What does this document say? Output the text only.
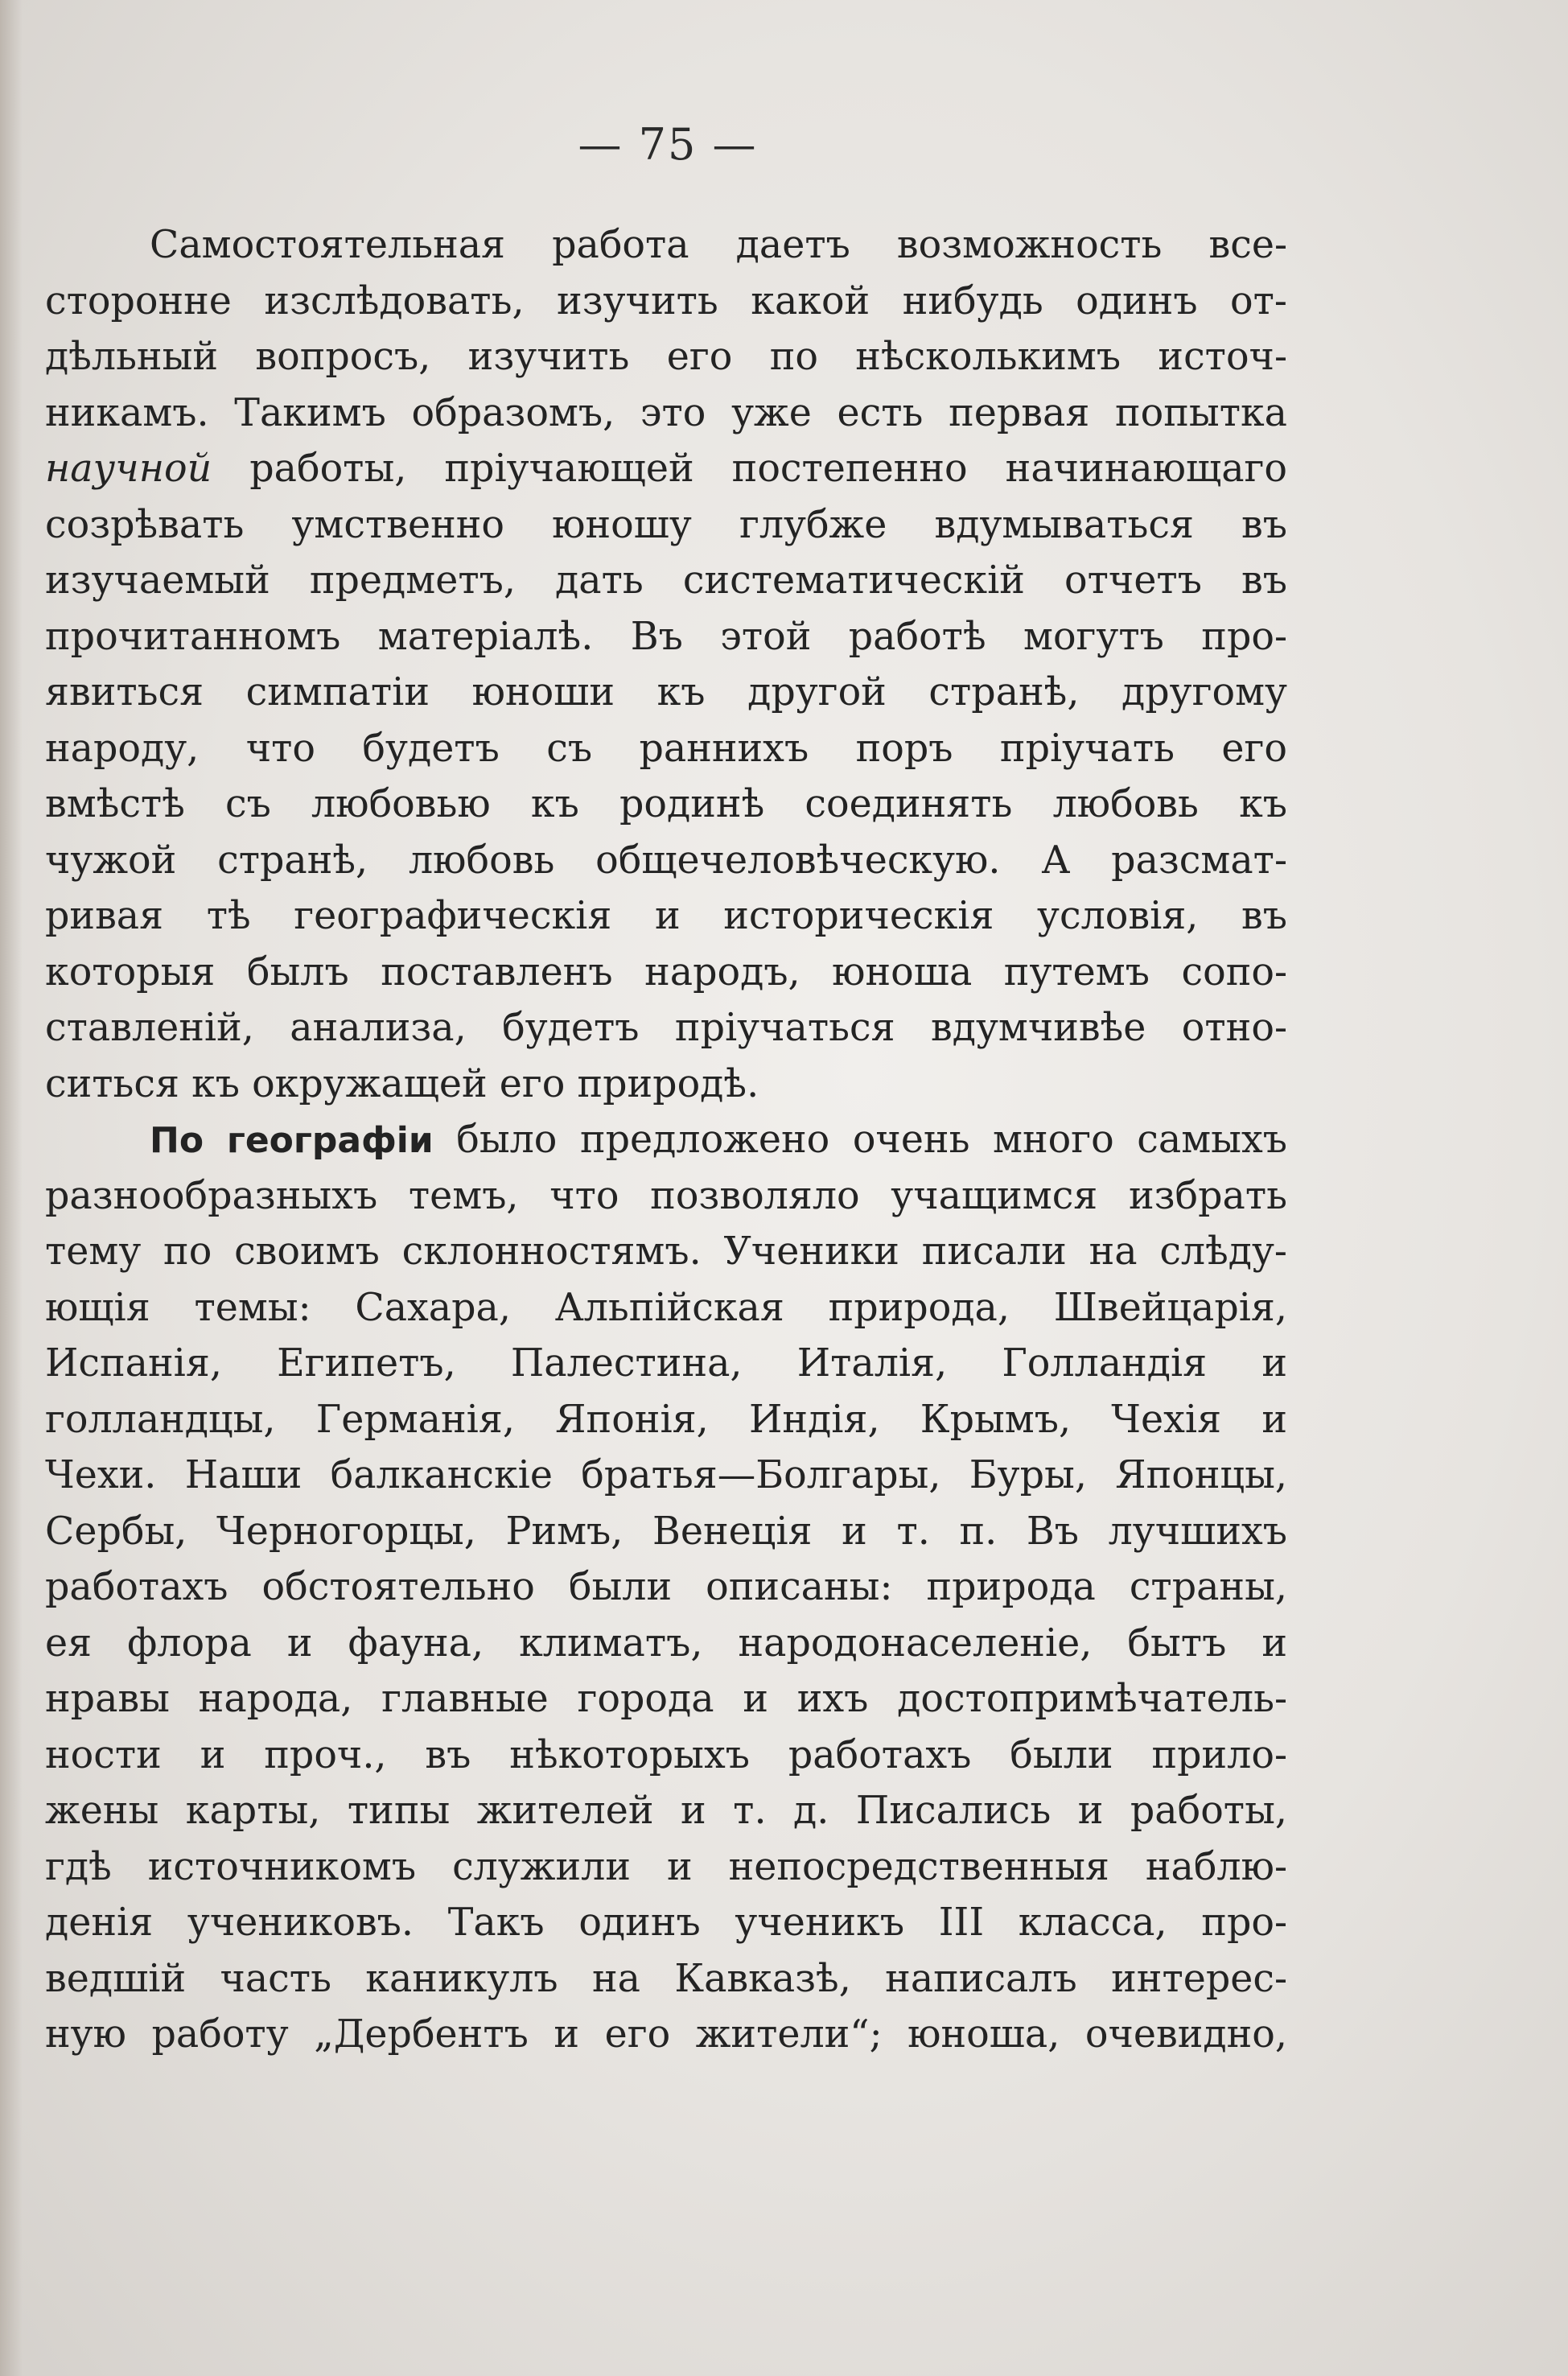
— 75 —
Самостоятельная работа даетъ возможность все-
сторонне изслѣдовать, изучить какой нибудь одинъ от-
дѣльный вопросъ, изучить его по нѣсколькимъ источ-
никамъ. Такимъ образомъ, это уже есть первая попытка
научной работы, пріучающей постепенно начинающаго
созрѣвать умственно юношу глубже вдумываться въ
изучаемый предметъ, дать систематическій отчетъ въ
прочитанномъ матеріалѣ. Въ этой работѣ могутъ про-
явиться симпатіи юноши къ другой странѣ, другому
народу, что будетъ съ раннихъ поръ пріучать его
вмѣстѣ съ любовью къ родинѣ соединять любовь къ
чужой странѣ, любовь общечеловѣческую. А разсмат-
ривая тѣ географическія и историческія условія, въ
которыя былъ поставленъ народъ, юноша путемъ сопо-
ставленій, анализа, будетъ пріучаться вдумчивѣе отно-
ситься къ окружащей его природѣ.
По географіи было предложено очень много самыхъ
разнообразныхъ темъ, что позволяло учащимся избрать
тему по своимъ склонностямъ. Ученики писали на слѣду-
ющія темы: Сахара, Альпійская природа, Швейцарія,
Испанія, Египетъ, Палестина, Италія, Голландія и
голландцы, Германія, Японія, Индія, Крымъ, Чехія и
Чехи. Наши балканскіе братья—Болгары, Буры, Японцы,
Сербы, Черногорцы, Римъ, Венеція и т. п. Въ лучшихъ
работахъ обстоятельно были описаны: природа страны,
ея флора и фауна, климатъ, народонаселеніе, бытъ и
нравы народа, главные города и ихъ достопримѣчатель-
ности и проч., въ нѣкоторыхъ работахъ были прило-
жены карты, типы жителей и т. д. Писались и работы,
гдѣ источникомъ служили и непосредственныя наблю-
денія учениковъ. Такъ одинъ ученикъ III класса, про-
ведшій часть каникулъ на Кавказѣ, написалъ интерес-
ную работу „Дербентъ и его жители“; юноша, очевидно,
